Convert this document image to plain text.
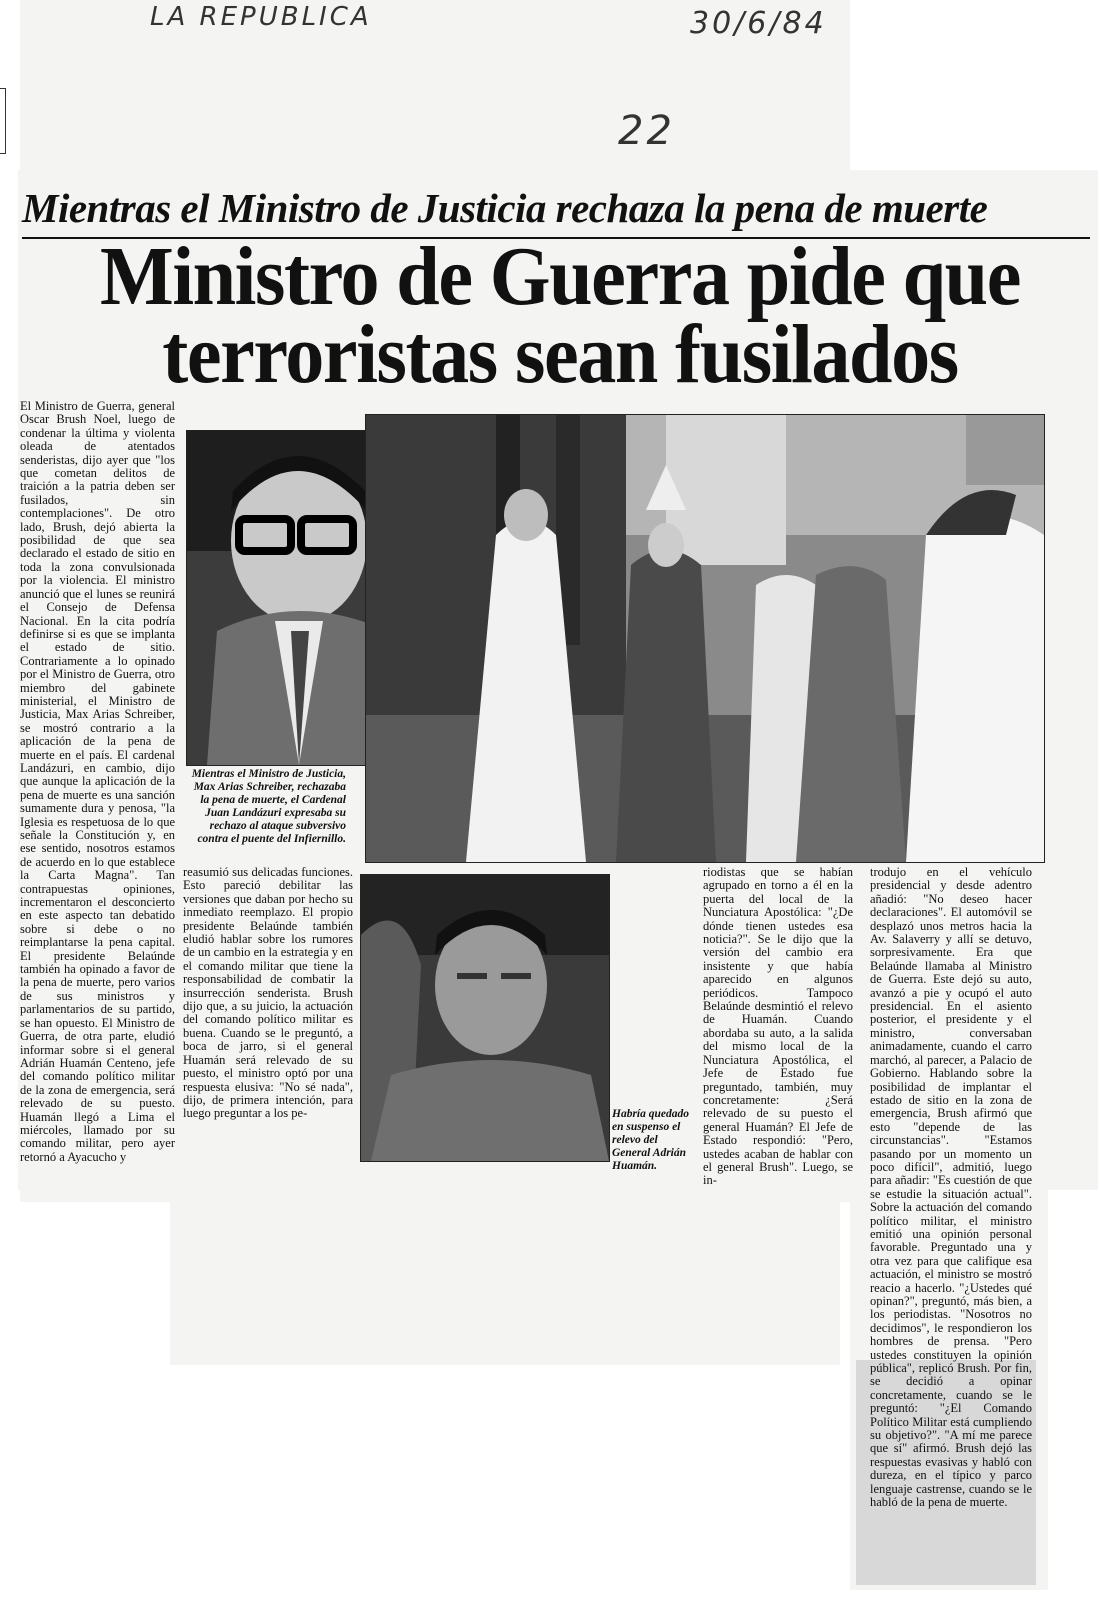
LA REPUBLICA	30/6/84
22
Mientras el Ministro de Justicia rechaza la pena de muerte
Ministro de Guerra pide que
terroristas sean fusilados
Mientras el Ministro de Justicia, Max Arias Schreiber, rechazaba la pena de muerte, el Cardenal Juan Landázuri expresaba su rechazo al ataque subversivo contra el puente del Infiernillo.
Habría quedado en suspenso el relevo del General Adrián Huamán.

El Ministro de Guerra, general Oscar Brush Noel, luego de condenar la última y violenta oleada de atentados senderistas, dijo ayer que "los que cometan delitos de traición a la patria deben ser fusilados, sin contemplaciones". De otro lado, Brush, dejó abierta la posibilidad de que sea declarado el estado de sitio en toda la zona convulsionada por la violencia. El ministro anunció que el lunes se reunirá el Consejo de Defensa Nacional. En la cita podría definirse si es que se implanta el estado de sitio. Contrariamente a lo opinado por el Ministro de Guerra, otro miembro del gabinete ministerial, el Ministro de Justicia, Max Arias Schreiber, se mostró contrario a la aplicación de la pena de muerte en el país. El cardenal Landázuri, en cambio, dijo que aunque la aplicación de la pena de muerte es una sanción sumamente dura y penosa, "la Iglesia es respetuosa de lo que señale la Constitución y, en ese sentido, nosotros estamos de acuerdo en lo que establece la Carta Magna". Tan contrapuestas opiniones, incrementaron el desconcierto en este aspecto tan debatido sobre si debe o no reimplantarse la pena capital. El presidente Belaúnde también ha opinado a favor de la pena de muerte, pero varios de sus ministros y parlamentarios de su partido, se han opuesto. El Ministro de Guerra, de otra parte, eludió informar sobre si el general Adrián Huamán Centeno, jefe del comando político militar de la zona de emergencia, será relevado de su puesto. Huamán llegó a Lima el miércoles, llamado por su comando militar, pero ayer retornó a Ayacucho y

reasumió sus delicadas funciones. Esto pareció debilitar las versiones que daban por hecho su inmediato reemplazo. El propio presidente Belaúnde también eludió hablar sobre los rumores de un cambio en la estrategia y en el comando militar que tiene la responsabilidad de combatir la insurrección senderista. Brush dijo que, a su juicio, la actuación del comando político militar es buena. Cuando se le preguntó, a boca de jarro, si el general Huamán será relevado de su puesto, el ministro optó por una respuesta elusiva: "No sé nada", dijo, de primera intención, para luego preguntar a los pe-

riodistas que se habían agrupado en torno a él en la puerta del local de la Nunciatura Apostólica: "¿De dónde tienen ustedes esa noticia?". Se le dijo que la versión del cambio era insistente y que había aparecido en algunos periódicos. Tampoco Belaúnde desmintió el relevo de Huamán. Cuando abordaba su auto, a la salida del mismo local de la Nunciatura Apostólica, el Jefe de Estado fue preguntado, también, muy concretamente: ¿Será relevado de su puesto el general Huamán? El Jefe de Estado respondió: "Pero, ustedes acaban de hablar con el general Brush". Luego, se in-

trodujo en el vehículo presidencial y desde adentro añadió: "No deseo hacer declaraciones". El automóvil se desplazó unos metros hacia la Av. Salaverry y allí se detuvo, sorpresivamente. Era que Belaúnde llamaba al Ministro de Guerra. Este dejó su auto, avanzó a pie y ocupó el auto presidencial. En el asiento posterior, el presidente y el ministro, conversaban animadamente, cuando el carro marchó, al parecer, a Palacio de Gobierno. Hablando sobre la posibilidad de implantar el estado de sitio en la zona de emergencia, Brush afirmó que esto "depende de las circunstancias". "Estamos pasando por un momento un poco difícil", admitió, luego para añadir: "Es cuestión de que se estudie la situación actual". Sobre la actuación del comando político militar, el ministro emitió una opinión personal favorable. Preguntado una y otra vez para que califique esa actuación, el ministro se mostró reacio a hacerlo. "¿Ustedes qué opinan?", preguntó, más bien, a los periodistas. "Nosotros no decidimos", le respondieron los hombres de prensa. "Pero ustedes constituyen la opinión pública", replicó Brush. Por fin, se decidió a opinar concretamente, cuando se le preguntó: "¿El Comando Político Militar está cumpliendo su objetivo?". "A mí me parece que sí" afirmó. Brush dejó las respuestas evasivas y habló con dureza, en el típico y parco lenguaje castrense, cuando se le habló de la pena de muerte.
